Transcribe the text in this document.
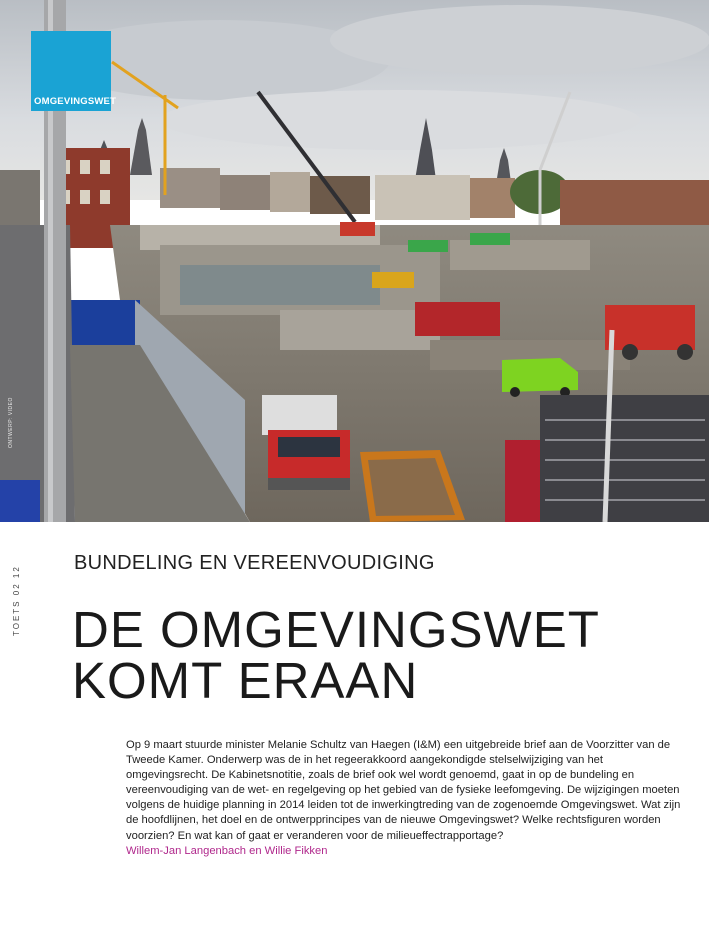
OMGEVINGSWET
ONTWERP: VIDEO
TOETS 02 12
BUNDELING EN VEREENVOUDIGING
DE OMGEVINGSWET
KOMT ERAAN
Op 9 maart stuurde minister Melanie Schultz van Haegen (I&M) een uitgebreide brief aan de Voorzitter van de Tweede Kamer. Onderwerp was de in het regeerakkoord aangekondigde stelselwijziging van het omgevingsrecht. De Kabinetsnotitie, zoals de brief ook wel wordt genoemd, gaat in op de bundeling en vereenvoudiging van de wet- en regelgeving op het gebied van de fysieke leefomgeving. De wijzigingen moeten volgens de huidige planning in 2014 leiden tot de inwerkingtreding van de zogenoemde Omgevingswet. Wat zijn de hoofdlijnen, het doel en de ontwerpprincipes van de nieuwe Omgevingswet? Welke rechtsfiguren worden voorzien? En wat kan of gaat er veranderen voor de milieueffectrapportage?
Willem-Jan Langenbach en Willie Fikken
